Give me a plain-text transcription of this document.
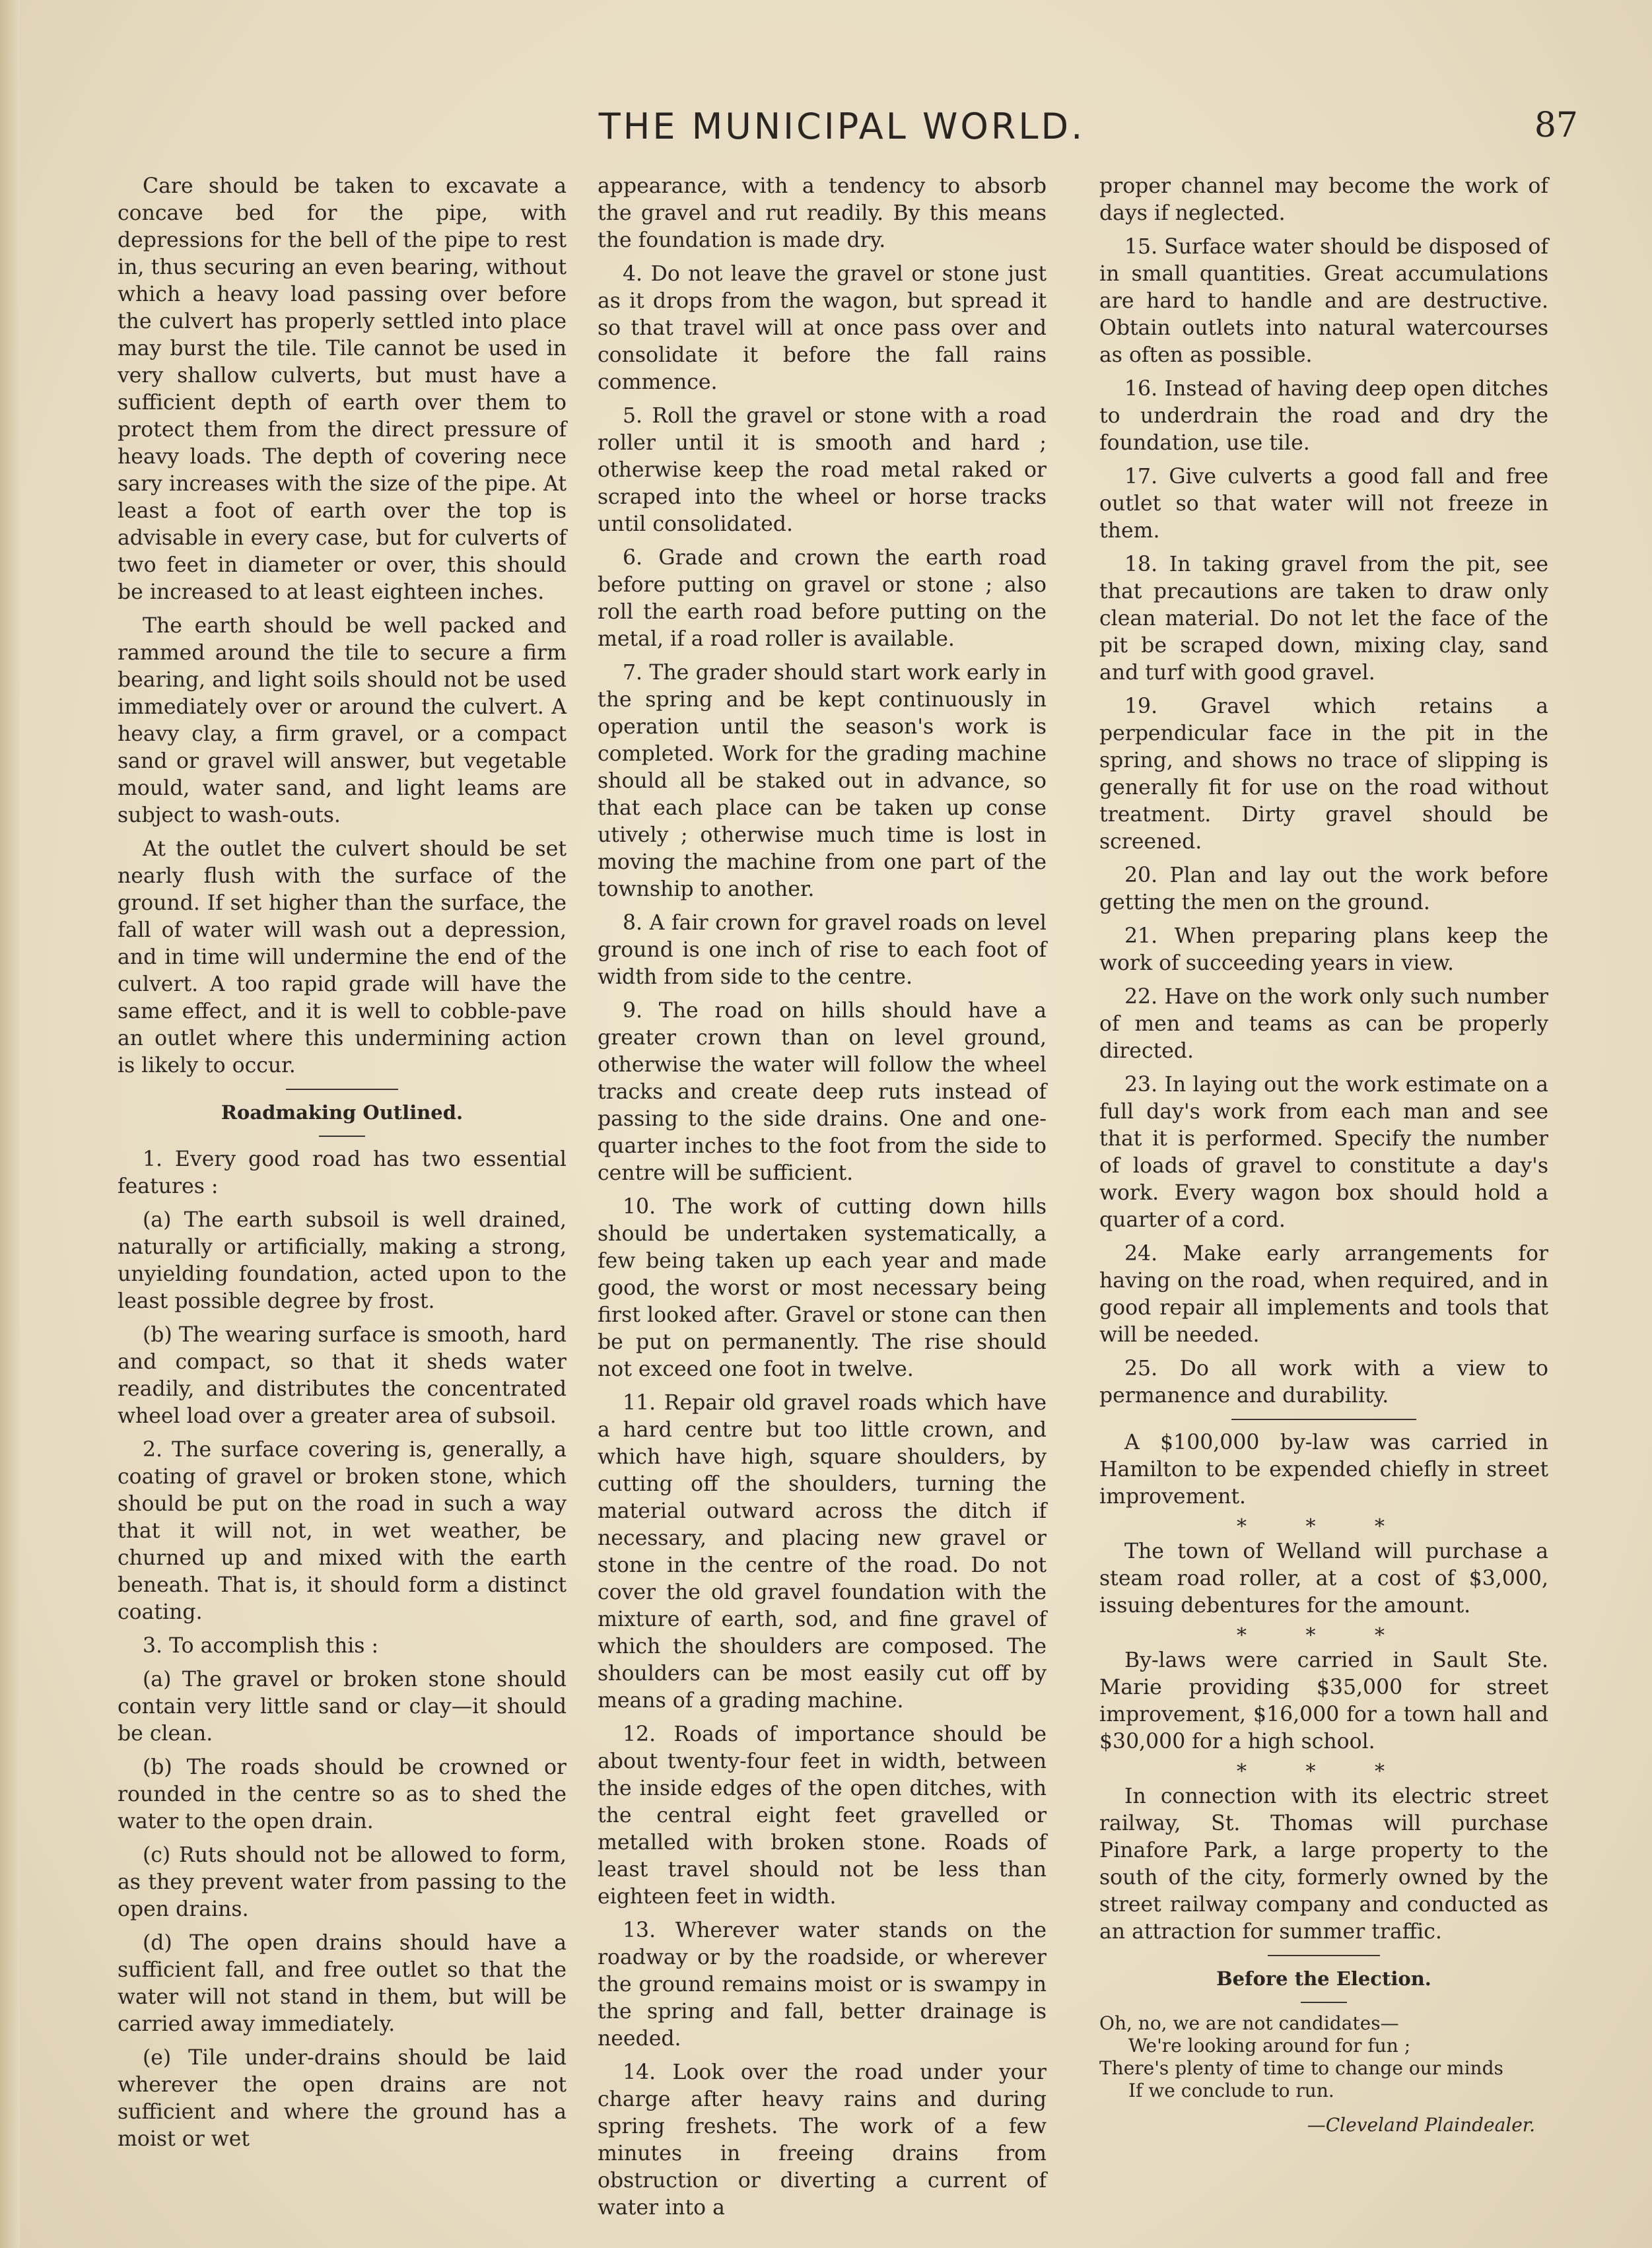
THE MUNICIPAL WORLD.	87

Care should be taken to excavate a concave bed for the pipe, with depressions for the bell of the pipe to rest in, thus securing an even bearing, without which a heavy load passing over before the culvert has properly settled into place may burst the tile. Tile cannot be used in very shallow culverts, but must have a sufficient depth of earth over them to protect them from the direct pressure of heavy loads. The depth of covering nece sary increases with the size of the pipe. At least a foot of earth over the top is advisable in every case, but for culverts of two feet in diameter or over, this should be increased to at least eighteen inches.

The earth should be well packed and rammed around the tile to secure a firm bearing, and light soils should not be used immediately over or around the culvert. A heavy clay, a firm gravel, or a compact sand or gravel will answer, but vegetable mould, water sand, and light leams are subject to wash-outs.

At the outlet the culvert should be set nearly flush with the surface of the ground. If set higher than the surface, the fall of water will wash out a depression, and in time will undermine the end of the culvert. A too rapid grade will have the same effect, and it is well to cobble-pave an outlet where this undermining action is likely to occur.

Roadmaking Outlined.

1. Every good road has two essential features :

(a) The earth subsoil is well drained, naturally or artificially, making a strong, unyielding foundation, acted upon to the least possible degree by frost.

(b) The wearing surface is smooth, hard and compact, so that it sheds water readily, and distributes the concentrated wheel load over a greater area of subsoil.

2. The surface covering is, generally, a coating of gravel or broken stone, which should be put on the road in such a way that it will not, in wet weather, be churned up and mixed with the earth beneath. That is, it should form a distinct coating.

3. To accomplish this :

(a) The gravel or broken stone should contain very little sand or clay—it should be clean.

(b) The roads should be crowned or rounded in the centre so as to shed the water to the open drain.

(c) Ruts should not be allowed to form, as they prevent water from passing to the open drains.

(d) The open drains should have a sufficient fall, and free outlet so that the water will not stand in them, but will be carried away immediately.

(e) Tile under-drains should be laid wherever the open drains are not sufficient and where the ground has a moist or wet

appearance, with a tendency to absorb the gravel and rut readily. By this means the foundation is made dry.

4. Do not leave the gravel or stone just as it drops from the wagon, but spread it so that travel will at once pass over and consolidate it before the fall rains commence.

5. Roll the gravel or stone with a road roller until it is smooth and hard ; otherwise keep the road metal raked or scraped into the wheel or horse tracks until consolidated.

6. Grade and crown the earth road before putting on gravel or stone ; also roll the earth road before putting on the metal, if a road roller is available.

7. The grader should start work early in the spring and be kept continuously in operation until the season's work is completed. Work for the grading machine should all be staked out in advance, so that each place can be taken up conse utively ; otherwise much time is lost in moving the machine from one part of the township to another.

8. A fair crown for gravel roads on level ground is one inch of rise to each foot of width from side to the centre.

9. The road on hills should have a greater crown than on level ground, otherwise the water will follow the wheel tracks and create deep ruts instead of passing to the side drains. One and one-quarter inches to the foot from the side to centre will be sufficient.

10. The work of cutting down hills should be undertaken systematically, a few being taken up each year and made good, the worst or most necessary being first looked after. Gravel or stone can then be put on permanently. The rise should not exceed one foot in twelve.

11. Repair old gravel roads which have a hard centre but too little crown, and which have high, square shoulders, by cutting off the shoulders, turning the material outward across the ditch if necessary, and placing new gravel or stone in the centre of the road. Do not cover the old gravel foundation with the mixture of earth, sod, and fine gravel of which the shoulders are composed. The shoulders can be most easily cut off by means of a grading machine.

12. Roads of importance should be about twenty-four feet in width, between the inside edges of the open ditches, with the central eight feet gravelled or metalled with broken stone. Roads of least travel should not be less than eighteen feet in width.

13. Wherever water stands on the roadway or by the roadside, or wherever the ground remains moist or is swampy in the spring and fall, better drainage is needed.

14. Look over the road under your charge after heavy rains and during spring freshets. The work of a few minutes in freeing drains from obstruction or diverting a current of water into a

proper channel may become the work of days if neglected.

15. Surface water should be disposed of in small quantities. Great accumulations are hard to handle and are destructive. Obtain outlets into natural watercourses as often as possible.

16. Instead of having deep open ditches to underdrain the road and dry the foundation, use tile.

17. Give culverts a good fall and free outlet so that water will not freeze in them.

18. In taking gravel from the pit, see that precautions are taken to draw only clean material. Do not let the face of the pit be scraped down, mixing clay, sand and turf with good gravel.

19. Gravel which retains a perpendicular face in the pit in the spring, and shows no trace of slipping is generally fit for use on the road without treatment. Dirty gravel should be screened.

20. Plan and lay out the work before getting the men on the ground.

21. When preparing plans keep the work of succeeding years in view.

22. Have on the work only such number of men and teams as can be properly directed.

23. In laying out the work estimate on a full day's work from each man and see that it is performed. Specify the number of loads of gravel to constitute a day's work. Every wagon box should hold a quarter of a cord.

24. Make early arrangements for having on the road, when required, and in good repair all implements and tools that will be needed.

25. Do all work with a view to permanence and durability.

A $100,000 by-law was carried in Hamilton to be expended chiefly in street improvement.

* * *

The town of Welland will purchase a steam road roller, at a cost of $3,000, issuing debentures for the amount.

* * *

By-laws were carried in Sault Ste. Marie providing $35,000 for street improvement, $16,000 for a town hall and $30,000 for a high school.

* * *

In connection with its electric street railway, St. Thomas will purchase Pinafore Park, a large property to the south of the city, formerly owned by the street railway company and conducted as an attraction for summer traffic.

Before the Election.

Oh, no, we are not candidates—
We're looking around for fun ;
There's plenty of time to change our minds
If we conclude to run.
—Cleveland Plaindealer.
